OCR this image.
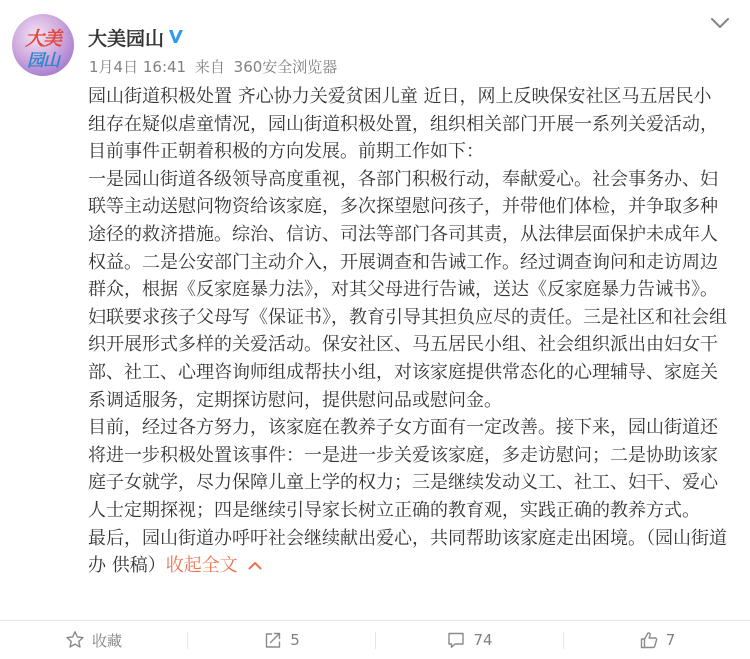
大美
园山
大美园山
1月4日 16:41 来自 360安全浏览器

园山街道积极处置 齐心协力关爱贫困儿童 近日，网上反映保安社区马五居民小组存在疑似虐童情况，园山街道积极处置，组织相关部门开展一系列关爱活动，目前事件正朝着积极的方向发展。前期工作如下：

一是园山街道各级领导高度重视，各部门积极行动，奉献爱心。社会事务办、妇联等主动送慰问物资给该家庭，多次探望慰问孩子，并带他们体检，并争取多种途径的救济措施。综治、信访、司法等部门各司其责，从法律层面保护未成年人权益。二是公安部门主动介入，开展调查和告诫工作。经过调查询问和走访周边群众，根据《反家庭暴力法》，对其父母进行告诫，送达《反家庭暴力告诫书》。妇联要求孩子父母写《保证书》，教育引导其担负应尽的责任。三是社区和社会组织开展形式多样的关爱活动。保安社区、马五居民小组、社会组织派出由妇女干部、社工、心理咨询师组成帮扶小组，对该家庭提供常态化的心理辅导、家庭关系调适服务，定期探访慰问，提供慰问品或慰问金。

目前，经过各方努力，该家庭在教养子女方面有一定改善。接下来，园山街道还将进一步积极处置该事件：一是进一步关爱该家庭，多走访慰问；二是协助该家庭子女就学，尽力保障儿童上学的权力；三是继续发动义工、社工、妇干、爱心人士定期探视；四是继续引导家长树立正确的教育观，实践正确的教养方式。

最后，园山街道办呼吁社会继续献出爱心，共同帮助该家庭走出困境。（园山街道办 供稿）收起全文

收藏	5	74	7
